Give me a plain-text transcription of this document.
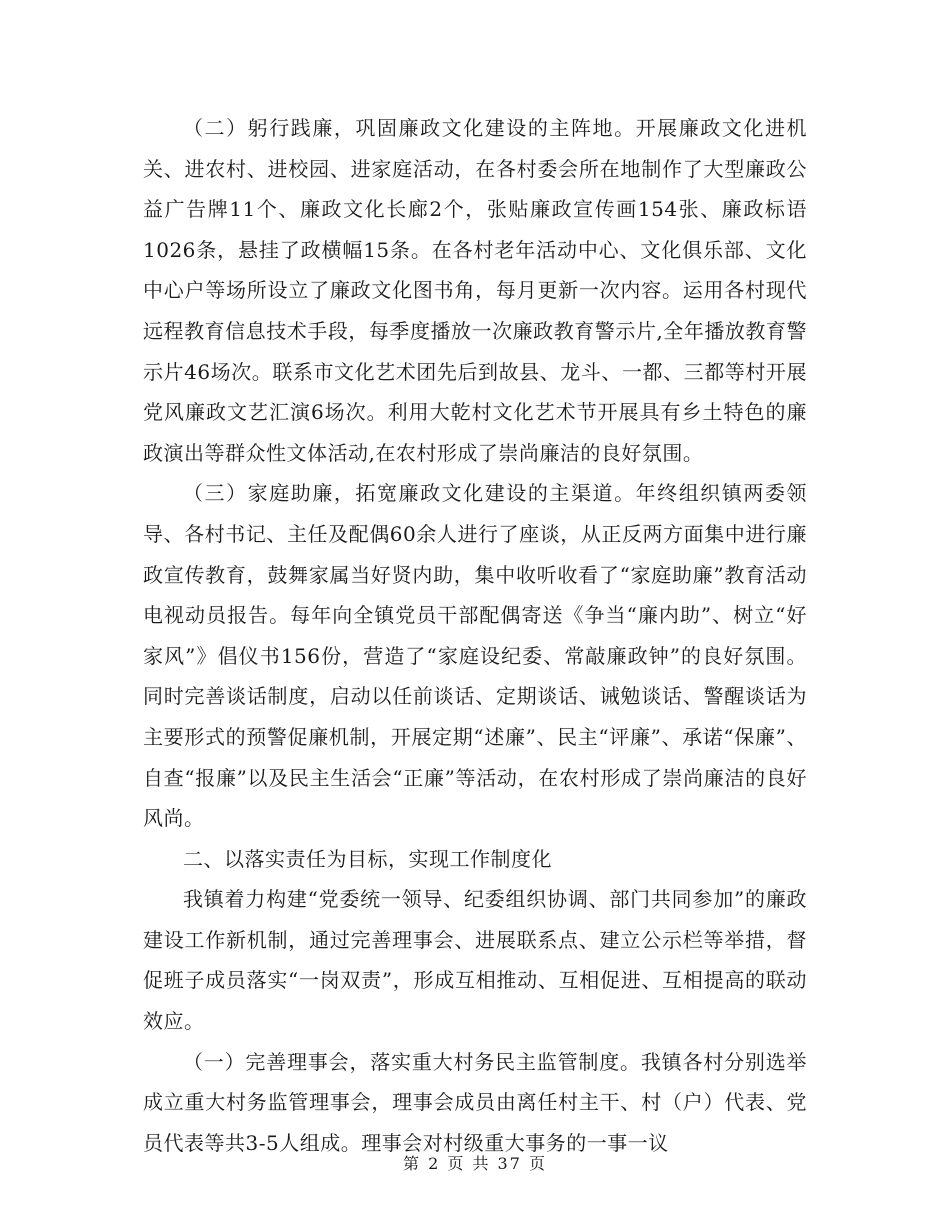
（二）躬行践廉，巩固廉政文化建设的主阵地。开展廉政文化进机关、进农村、进校园、进家庭活动，在各村委会所在地制作了大型廉政公益广告牌11个、廉政文化长廊2个，张贴廉政宣传画154张、廉政标语1026条，悬挂了政横幅15条。在各村老年活动中心、文化俱乐部、文化中心户等场所设立了廉政文化图书角，每月更新一次内容。运用各村现代远程教育信息技术手段，每季度播放一次廉政教育警示片,全年播放教育警示片46场次。联系市文化艺术团先后到故县、龙斗、一都、三都等村开展党风廉政文艺汇演6场次。利用大乾村文化艺术节开展具有乡土特色的廉政演出等群众性文体活动,在农村形成了崇尚廉洁的良好氛围。

（三）家庭助廉，拓宽廉政文化建设的主渠道。年终组织镇两委领导、各村书记、主任及配偶60余人进行了座谈，从正反两方面集中进行廉政宣传教育，鼓舞家属当好贤内助，集中收听收看了“家庭助廉”教育活动电视动员报告。每年向全镇党员干部配偶寄送《争当“廉内助”、树立“好家风”》倡仪书156份，营造了“家庭设纪委、常敲廉政钟”的良好氛围。同时完善谈话制度，启动以任前谈话、定期谈话、诫勉谈话、警醒谈话为主要形式的预警促廉机制，开展定期“述廉”、民主“评廉”、承诺“保廉”、自查“报廉”以及民主生活会“正廉”等活动，在农村形成了崇尚廉洁的良好风尚。

二、以落实责任为目标，实现工作制度化

我镇着力构建“党委统一领导、纪委组织协调、部门共同参加”的廉政建设工作新机制，通过完善理事会、进展联系点、建立公示栏等举措，督促班子成员落实“一岗双责”，形成互相推动、互相促进、互相提高的联动效应。

（一）完善理事会，落实重大村务民主监管制度。我镇各村分别选举成立重大村务监管理事会，理事会成员由离任村主干、村（户）代表、党员代表等共3-5人组成。理事会对村级重大事务的一事一议

第 2 页 共 37 页
